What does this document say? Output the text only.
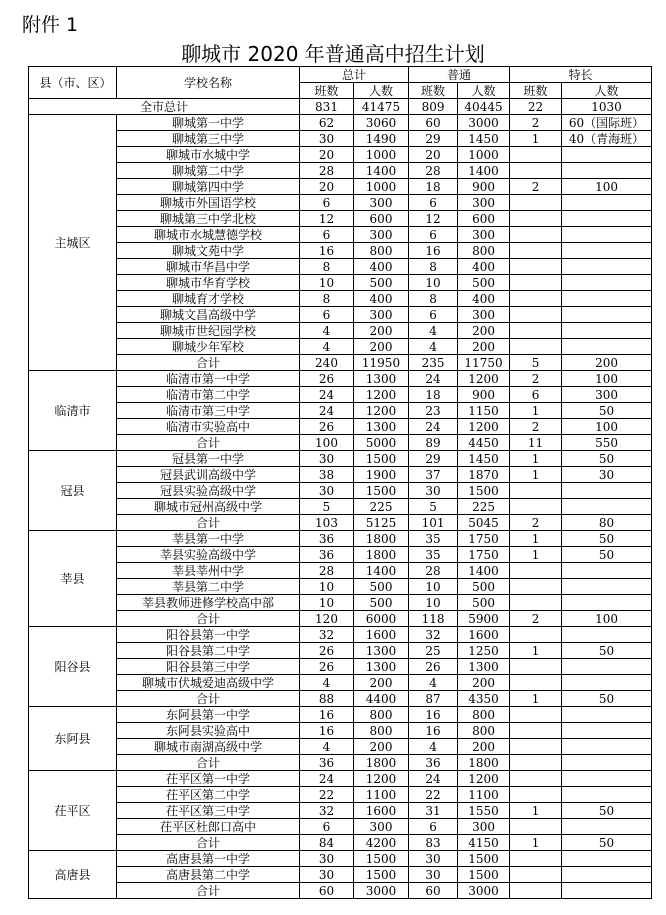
附件 1
聊城市 2020 年普通高中招生计划
县（市、区）	学校名称	总计		普通		特长	
		班数	人数	班数	人数	班数	人数
全市总计		831	41475	809	40445	22	1030
主城区	聊城第一中学	62	3060	60	3000	2	60（国际班）
	聊城第三中学	30	1490	29	1450	1	40（青海班）
	聊城市水城中学	20	1000	20	1000		
	聊城第二中学	28	1400	28	1400		
	聊城第四中学	20	1000	18	900	2	100
	聊城市外国语学校	6	300	6	300		
	聊城第三中学北校	12	600	12	600		
	聊城市水城慧德学校	6	300	6	300		
	聊城文苑中学	16	800	16	800		
	聊城市华昌中学	8	400	8	400		
	聊城市华育学校	10	500	10	500		
	聊城育才学校	8	400	8	400		
	聊城文昌高级中学	6	300	6	300		
	聊城市世纪园学校	4	200	4	200		
	聊城少年军校	4	200	4	200		
	合计	240	11950	235	11750	5	200
临清市	临清市第一中学	26	1300	24	1200	2	100
	临清市第二中学	24	1200	18	900	6	300
	临清市第三中学	24	1200	23	1150	1	50
	临清市实验高中	26	1300	24	1200	2	100
	合计	100	5000	89	4450	11	550
冠县	冠县第一中学	30	1500	29	1450	1	50
	冠县武训高级中学	38	1900	37	1870	1	30
	冠县实验高级中学	30	1500	30	1500		
	聊城市冠州高级中学	5	225	5	225		
	合计	103	5125	101	5045	2	80
莘县	莘县第一中学	36	1800	35	1750	1	50
	莘县实验高级中学	36	1800	35	1750	1	50
	莘县莘州中学	28	1400	28	1400		
	莘县第二中学	10	500	10	500		
	莘县教师进修学校高中部	10	500	10	500		
	合计	120	6000	118	5900	2	100
阳谷县	阳谷县第一中学	32	1600	32	1600		
	阳谷县第二中学	26	1300	25	1250	1	50
	阳谷县第三中学	26	1300	26	1300		
	聊城市伏城爱迪高级中学	4	200	4	200		
	合计	88	4400	87	4350	1	50
东阿县	东阿县第一中学	16	800	16	800		
	东阿县实验高中	16	800	16	800		
	聊城市南湖高级中学	4	200	4	200		
	合计	36	1800	36	1800		
茌平区	茌平区第一中学	24	1200	24	1200		
	茌平区第二中学	22	1100	22	1100		
	茌平区第三中学	32	1600	31	1550	1	50
	茌平区杜郎口高中	6	300	6	300		
	合计	84	4200	83	4150	1	50
高唐县	高唐县第一中学	30	1500	30	1500		
	高唐县第二中学	30	1500	30	1500		
	合计	60	3000	60	3000		
